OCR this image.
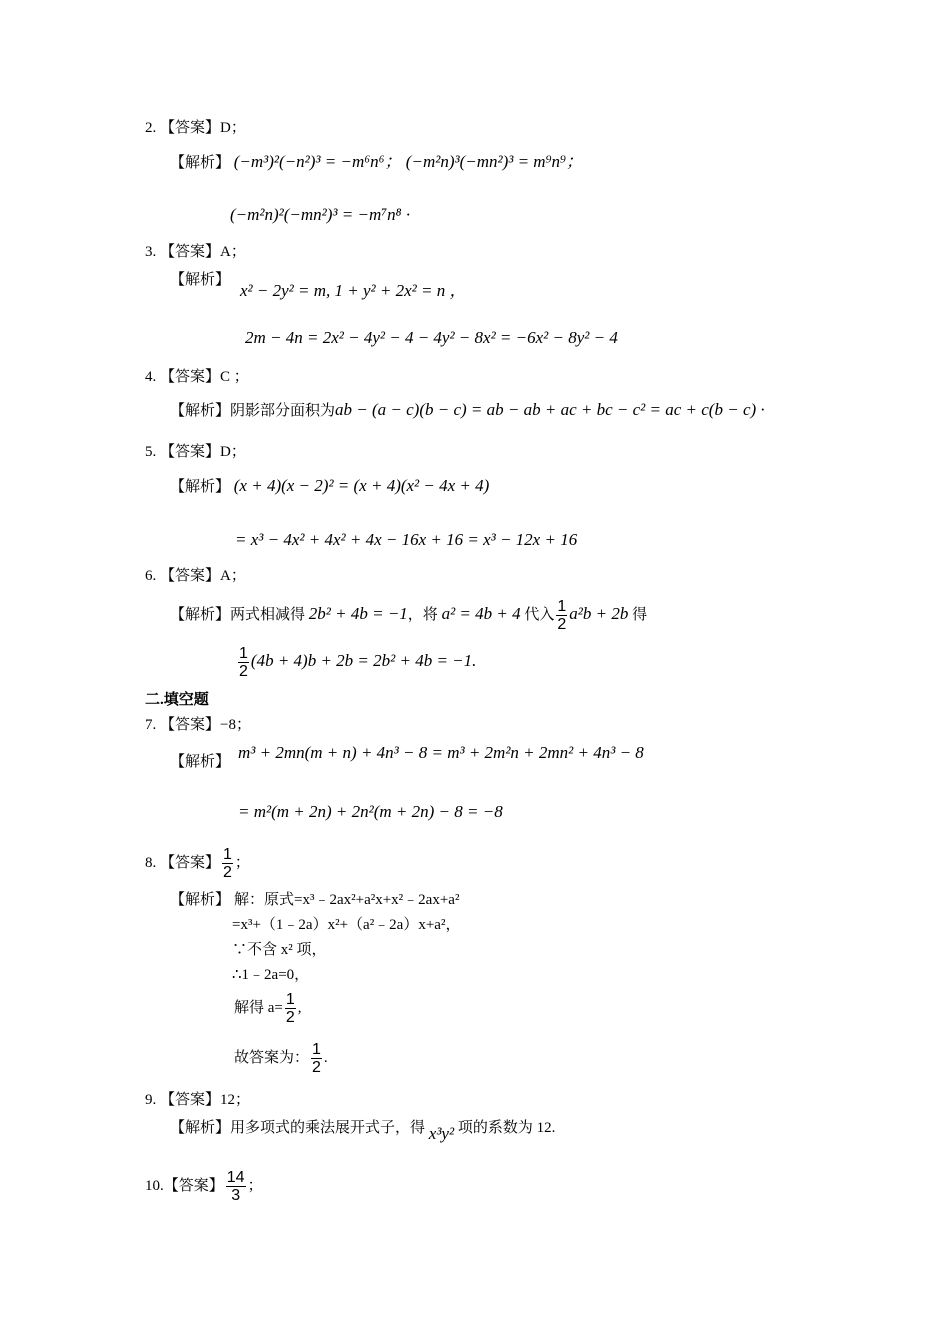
2. 【答案】D；
【解析】 (−m³)²(−n²)³ = −m⁶n⁶； (−m²n)³(−mn²)³ = m⁹n⁹；
(−m²n)²(−mn²)³ = −m⁷n⁸ ·
3. 【答案】A；
【解析】
x² − 2y² = m, 1 + y² + 2x² = n ，
2m − 4n = 2x² − 4y² − 4 − 4y² − 8x² = −6x² − 8y² − 4
4. 【答案】C ；
【解析】阴影部分面积为ab − (a − c)(b − c) = ab − ab + ac + bc − c² = ac + c(b − c) ·
5. 【答案】D；
【解析】 (x + 4)(x − 2)² = (x + 4)(x² − 4x + 4)
= x³ − 4x² + 4x² + 4x − 16x + 16 = x³ − 12x + 16
6. 【答案】A；
【解析】两式相减得 2b² + 4b = −1，将 a² = 4b + 4 代入 $\frac{1}{2} a^2b + 2b$ 得
$\frac{1}{2} (4b + 4)b + 2b = 2b^2 + 4b = -1$.
二.填空题
7. 【答案】−8；
【解析】 m³ + 2mn(m + n) + 4n³ − 8 = m³ + 2m²n + 2mn² + 4n³ − 8
= m²(m + 2n) + 2n²(m + 2n) − 8 = −8
8. 【答案】 $\frac{1}{2}$ ；
【解析】 解：原式=x³﹣2ax²+a²x+x²﹣2ax+a²
=x³+（1﹣2a）x²+（a²﹣2a）x+a²，
∵不含 x² 项，
∴1﹣2a=0，
解得 $a= \frac{1}{2}$ ,
故答案为： $\frac{1}{2}$ .
9. 【答案】12；
【解析】用多项式的乘法展开式子，得 x³y² 项的系数为 12.
10.【答案】 $\frac{14}{3}$ ；
